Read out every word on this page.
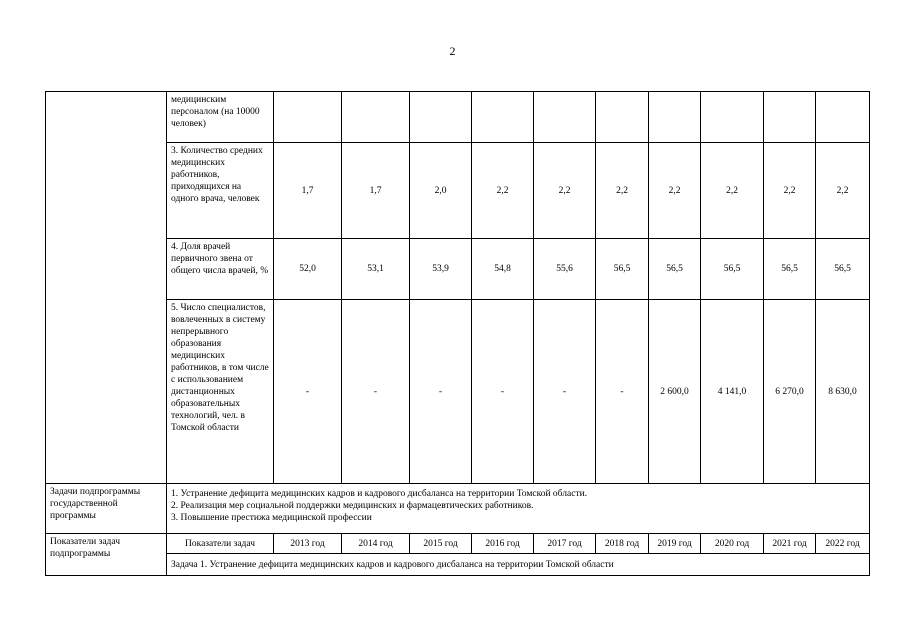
2
	медицинским персоналом (на 10000 человек)										
	3. Количество средних медицинских работников, приходящихся на одного врача, человек	1,7	1,7	2,0	2,2	2,2	2,2	2,2	2,2	2,2	2,2
	4. Доля врачей первичного звена от общего числа врачей, %	52,0	53,1	53,9	54,8	55,6	56,5	56,5	56,5	56,5	56,5
	5. Число специалистов, вовлеченных в систему непрерывного образования медицинских работников, в том числе с использованием дистанционных образовательных технологий, чел. в Томской области	-	-	-	-	-	-	2 600,0	4 141,0	6 270,0	8 630,0
Задачи подпрограммы государственной программы	1. Устранение дефицита медицинских кадров и кадрового дисбаланса на территории Томской области.
2. Реализация мер социальной поддержки медицинских и фармацевтических работников.
3. Повышение престижа медицинской профессии										

Показатели задач подпрограммы	Показатели задач	2013 год	2014 год	2015 год	2016 год	2017 год	2018 год	2019 год	2020 год	2021 год	2022 год
	Задача 1. Устранение дефицита медицинских кадров и кадрового дисбаланса на территории Томской области										
